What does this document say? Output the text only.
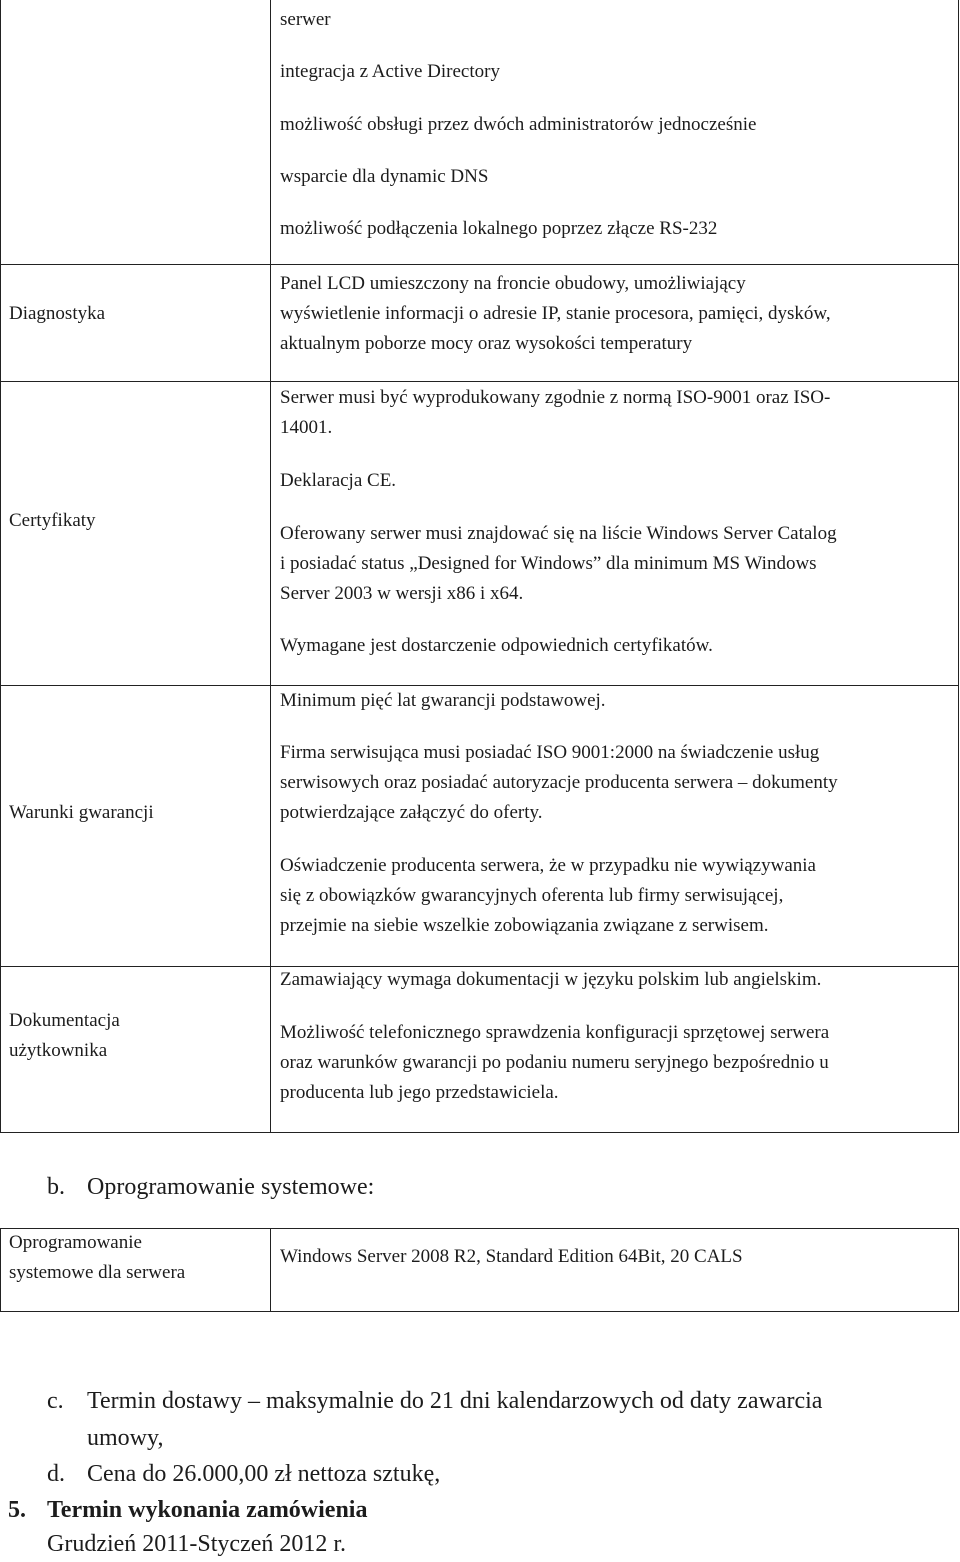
serwer
integracja z Active Directory
możliwość obsługi przez dwóch administratorów jednocześnie
wsparcie dla dynamic DNS
możliwość podłączenia lokalnego poprzez złącze RS-232
Diagnostyka
Panel LCD umieszczony na froncie obudowy, umożliwiający
wyświetlenie informacji o adresie IP, stanie procesora, pamięci, dysków,
aktualnym poborze mocy oraz wysokości temperatury
Certyfikaty
Serwer musi być wyprodukowany zgodnie z normą ISO-9001 oraz ISO-
14001.
Deklaracja CE.
Oferowany serwer musi znajdować się na liście Windows Server Catalog
i posiadać status „Designed for Windows” dla minimum MS Windows
Server 2003 w wersji x86 i x64.
Wymagane jest dostarczenie odpowiednich certyfikatów.
Warunki gwarancji
Minimum pięć lat gwarancji podstawowej.
Firma serwisująca musi posiadać ISO 9001:2000 na świadczenie usług
serwisowych oraz posiadać autoryzacje producenta serwera – dokumenty
potwierdzające załączyć do oferty.
Oświadczenie producenta serwera, że w przypadku nie wywiązywania
się z obowiązków gwarancyjnych oferenta lub firmy serwisującej,
przejmie na siebie wszelkie zobowiązania związane z serwisem.
Dokumentacja
użytkownika
Zamawiający wymaga dokumentacji w języku polskim lub angielskim.
Możliwość telefonicznego sprawdzenia konfiguracji sprzętowej serwera
oraz warunków gwarancji po podaniu numeru seryjnego bezpośrednio u
producenta lub jego przedstawiciela.
b. Oprogramowanie systemowe:
Oprogramowanie
systemowe dla serwera
Windows Server 2008 R2, Standard Edition 64Bit, 20 CALS
c. Termin dostawy – maksymalnie do 21 dni kalendarzowych od daty zawarcia
umowy,
d. Cena do 26.000,00 zł nettoza sztukę,
5. Termin wykonania zamówienia
Grudzień 2011-Styczeń 2012 r.
